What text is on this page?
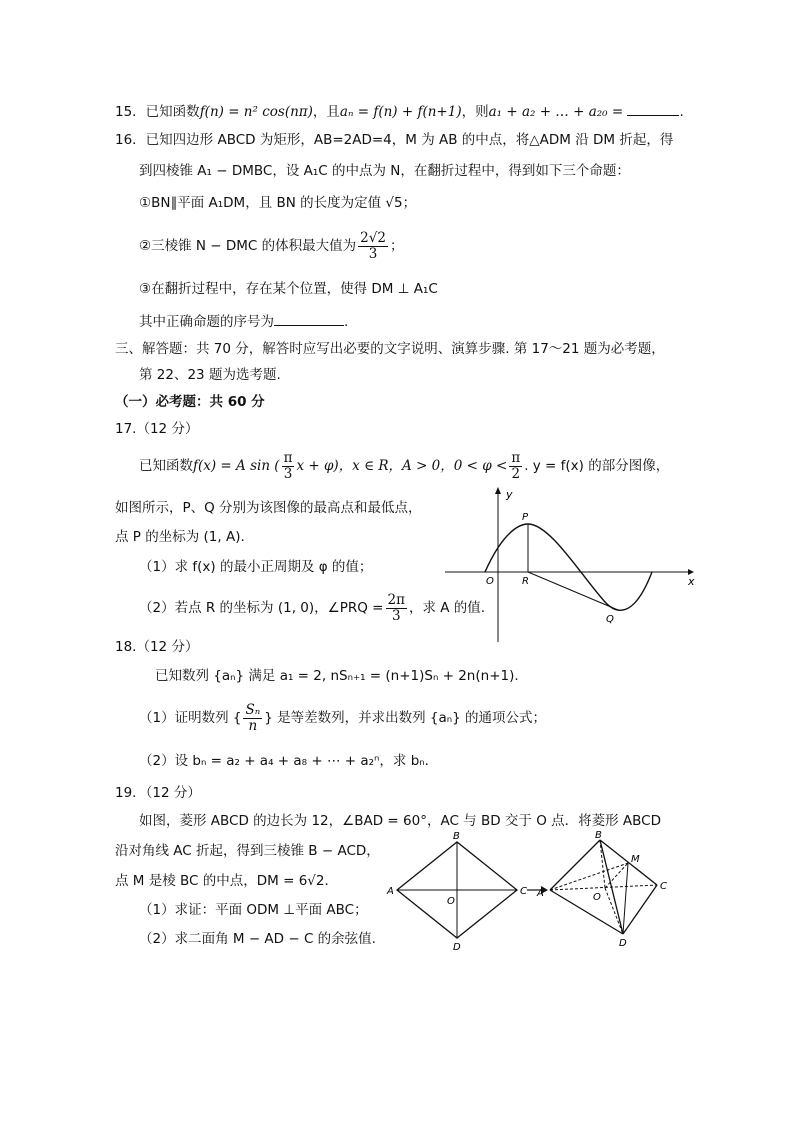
15．已知函数f(n) = n² cos(nπ)，且aₙ = f(n) + f(n+1)，则a₁ + a₂ + … + a₂₀ =	.
16．已知四边形 ABCD 为矩形，AB=2AD=4，M 为 AB 的中点，将△ADM 沿 DM 折起，得
到四棱锥 A₁ − DMBC，设 A₁C 的中点为 N，在翻折过程中，得到如下三个命题：
①BN∥平面 A₁DM，且 BN 的长度为定值 √5；
②三棱锥 N − DMC 的体积最大值为 $\frac{2√2}{3}$ ；
③在翻折过程中，存在某个位置，使得 DM ⊥ A₁C
其中正确命题的序号为	.
三、解答题：共 70 分，解答时应写出必要的文字说明、演算步骤. 第 17～21 题为必考题，
第 22、23 题为选考题.
（一）必考题：共 60 分
17.（12 分）
已知函数f(x) = A sin ( $\frac{\pi}{3}$ x + φ)，x ∈ R，A > 0，$0 < \varphi < \frac{\pi}{2}$ . y = f(x) 的部分图像，
如图所示，P、Q 分别为该图像的最高点和最低点，
点 P 的坐标为 (1, A).
（1）求 f(x) 的最小正周期及 φ 的值；
（2）若点 R 的坐标为 (1, 0)，∠PRQ = $\frac{2\pi}{3}$ ，求 A 的值.
y
x
P
O	R
Q
18.（12 分）
已知数列 {aₙ} 满足 a₁ = 2, nSₙ₊₁ = (n+1)Sₙ + 2n(n+1).
（1）证明数列 { $\frac{\text{Sₙ}}{n}$ } 是等差数列，并求出数列 {aₙ} 的通项公式；
（2）设 bₙ = a₂ + a₄ + a₈ + ⋯ + a₂ⁿ，求 bₙ.
19．（12 分）
如图，菱形 ABCD 的边长为 12，∠BAD = 60°，AC 与 BD 交于 O 点．将菱形 ABCD
沿对角线 AC 折起，得到三棱锥 B − ACD，
点 M 是棱 BC 的中点，DM = 6√2．
（1）求证：平面 ODM ⊥平面 ABC；
（2）求二面角 M − AD − C 的余弦值.
A
B
C
D
O
A
B
C
D
O
M
